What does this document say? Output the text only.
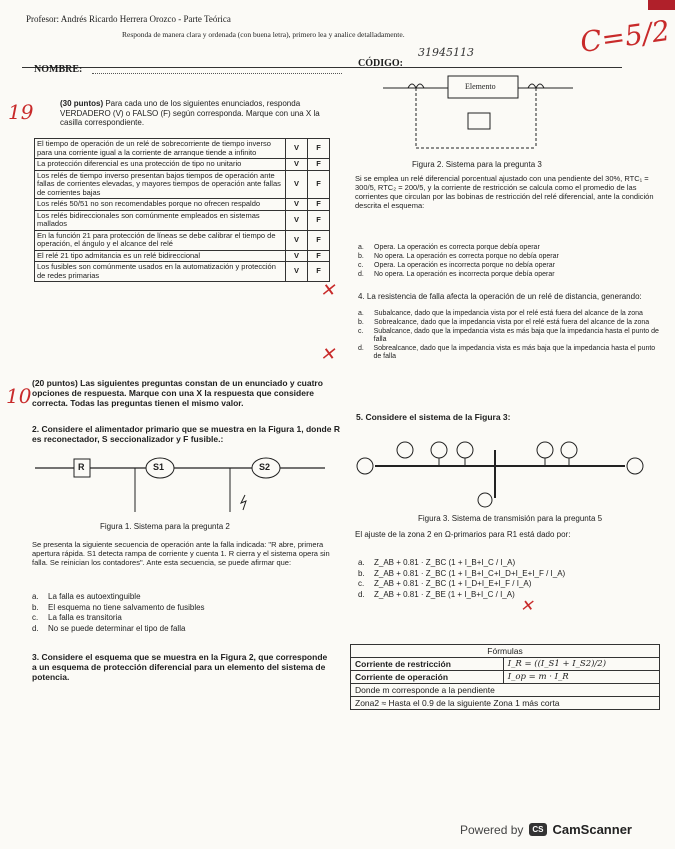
Profesor: Andrés Ricardo Herrera Orozco - Parte Teórica
Responda de manera clara y ordenada (con buena letra), primero lea y analice detalladamente.
NOMBRE:
CÓDIGO:
31945113	C=5/2
19	(30 puntos) Para cada uno de los siguientes enunciados, responda VERDADERO (V) o FALSO (F) según corresponda. Marque con una X la casilla correspondiente.
El tiempo de operación de un relé de sobrecorriente de tiempo inverso para una corriente igual a la corriente de arranque tiende a infinito	V	F
La protección diferencial es una protección de tipo no unitario	V	F
Los relés de tiempo inverso presentan bajos tiempos de operación ante fallas de corrientes elevadas, y mayores tiempos de operación ante fallas de corrientes bajas	V	F
Los relés 50/51 no son recomendables porque no ofrecen respaldo	V	F
Los relés bidireccionales son comúnmente empleados en sistemas mallados	V	F
En la función 21 para protección de líneas se debe calibrar el tiempo de operación, el ángulo y el alcance del relé	V	F
El relé 21 tipo admitancia es un relé bidireccional	V	F
Los fusibles son comúnmente usados en la automatización y protección de redes primarias	V	F
10
(20 puntos) Las siguientes preguntas constan de un enunciado y cuatro opciones de respuesta. Marque con una X la respuesta que considere correcta. Todas las preguntas tienen el mismo valor.
2. Considere el alimentador primario que se muestra en la Figura 1, donde R es reconectador, S seccionalizador y F fusible.:
R	S1	S2
Figura 1. Sistema para la pregunta 2
Se presenta la siguiente secuencia de operación ante la falla indicada: "R abre, primera apertura rápida. S1 detecta rampa de corriente y cuenta 1. R cierra y el sistema opera sin falla. Se reinician los contadores". Ante esta secuencia, se puede afirmar que:
a.	La falla es autoextinguible
b.	El esquema no tiene salvamento de fusibles
c.	La falla es transitoria
d.	No se puede determinar el tipo de falla
3. Considere el esquema que se muestra en la Figura 2, que corresponde a un esquema de protección diferencial para un elemento del sistema de potencia.
Elemento
Figura 2. Sistema para la pregunta 3
Si se emplea un relé diferencial porcentual ajustado con una pendiente del 30%, RTC₁ = 300/5, RTC₂ = 200/5, y la corriente de restricción se calcula como el promedio de las corrientes que circulan por las bobinas de restricción del relé diferencial, ante la condición descrita el esquema:
a.	Opera. La operación es correcta porque debía operar
b.	No opera. La operación es correcta porque no debía operar
c.	Opera. La operación es incorrecta porque no debía operar
d.	No opera. La operación es incorrecta porque debía operar
4. La resistencia de falla afecta la operación de un relé de distancia, generando:
a.	Subalcance, dado que la impedancia vista por el relé está fuera del alcance de la zona
b.	Sobrealcance, dado que la impedancia vista por el relé está fuera del alcance de la zona
c.	Subalcance, dado que la impedancia vista es más baja que la impedancia hasta el punto de falla
d.	Sobrealcance, dado que la impedancia vista es más baja que la impedancia hasta el punto de falla
5. Considere el sistema de la Figura 3:
Figura 3. Sistema de transmisión para la pregunta 5
El ajuste de la zona 2 en Ω-primarios para R1 está dado por:
a.	Z_AB + 0.81 · Z_BC (1 + I_B+I_C / I_A)
b.	Z_AB + 0.81 · Z_BC (1 + I_B+I_C+I_D+I_E+I_F / I_A)
c.	Z_AB + 0.81 · Z_BC (1 + I_D+I_E+I_F / I_A)
d.	Z_AB + 0.81 · Z_BE (1 + I_B+I_C / I_A)
Fórmulas	
Corriente de restricción	I_R = ((I_S1 + I_S2)/2)
Corriente de operación	I_op = m · I_R
Donde m corresponde a la pendiente	
Zona2 ≈ Hasta el 0.9 de la siguiente Zona 1 más corta	
✕
✕
✕
Powered by	CS CamScanner
